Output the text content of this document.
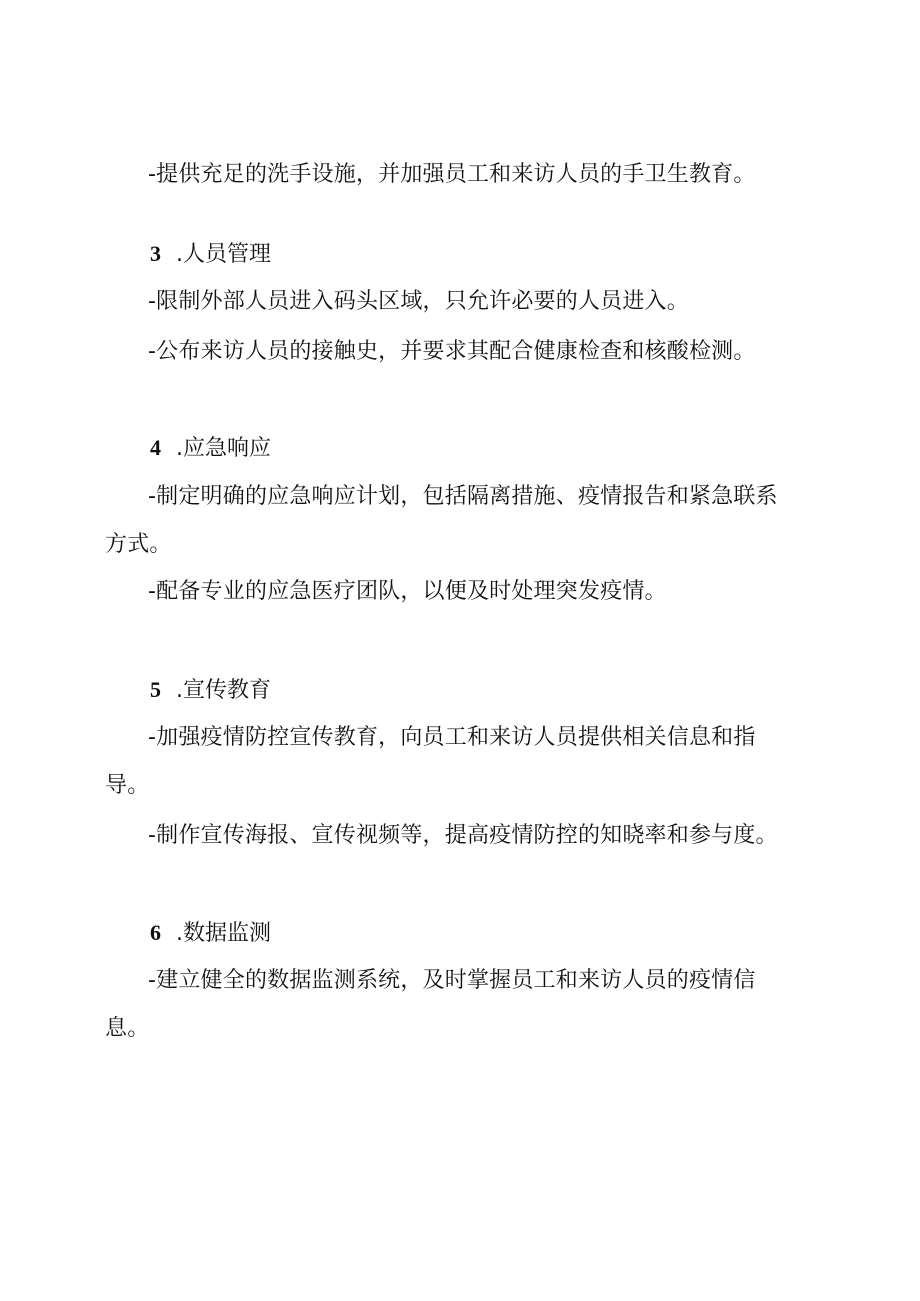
-提供充足的洗手设施，并加强员工和来访人员的手卫生教育。
3 .人员管理
-限制外部人员进入码头区域，只允许必要的人员进入。
-公布来访人员的接触史，并要求其配合健康检查和核酸检测。
4 .应急响应
-制定明确的应急响应计划，包括隔离措施、疫情报告和紧急联系
方式。
-配备专业的应急医疗团队，以便及时处理突发疫情。
5 .宣传教育
-加强疫情防控宣传教育，向员工和来访人员提供相关信息和指
导。
-制作宣传海报、宣传视频等，提高疫情防控的知晓率和参与度。
6 .数据监测
-建立健全的数据监测系统，及时掌握员工和来访人员的疫情信
息。
